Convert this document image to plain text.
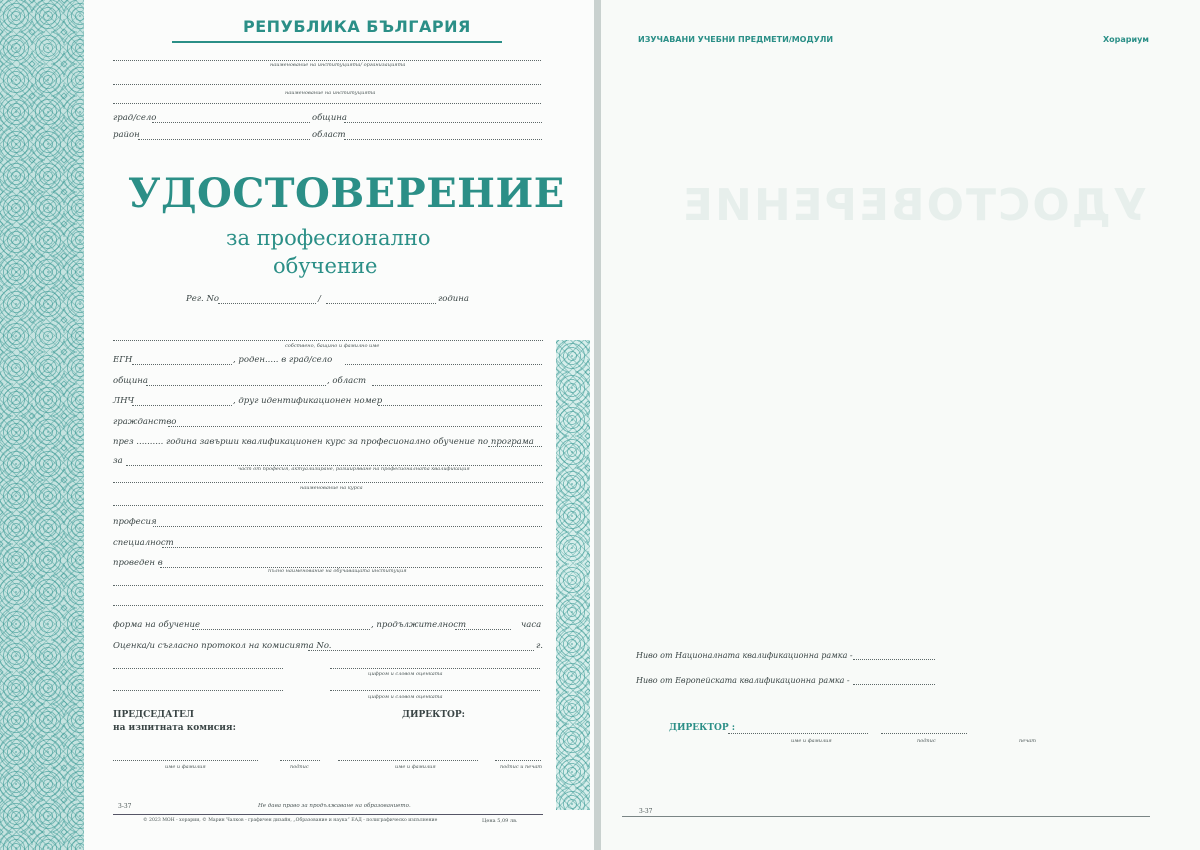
РЕПУБЛИКА БЪЛГАРИЯ
наименование на институцията/ организацията
наименование на институцията
град/село	община
район	област
УДОСТОВЕРЕНИЕ
за професионално
обучение
Рег. No	/	година
собствено, бащино и фамилно име
ЕГН	, роден..... в град/село
община	, област
ЛНЧ	, друг идентификационен номер
гражданство
през .......... година завърши квалификационен курс за професионално обучение по програма
за
част от професия, актуализиране, разширяване на професионалната квалификация
наименование на курса
професия
специалност
проведен в
пълно наименование на обучаващата институция
форма на обучение	, продължителност	часа
Оценка/и съгласно протокол на комисията No.	г.
цифром и словом оценката
цифром и словом оценката
ПРЕДСЕДАТЕЛ
на изпитната комисия:
ДИРЕКТОР:
име и фамилия	подпис	име и фамилия	подпис и печат
3-37	Не дава право за продължаване на образованието.
© 2023 МОН - хорарии, © Марин Чалков - графичен дизайн, „Образование и наука“ ЕАД - полиграфическо изпълнение	Цена 5,09 лв.
УДОСТОВЕРЕНИЕ
ИЗУЧАВАНИ УЧЕБНИ ПРЕДМЕТИ/МОДУЛИ	Хорариум
Ниво от Националната квалификационна рамка -
Ниво от Европейската квалификационна рамка -
ДИРЕКТОР :
име и фамилия	подпис	печат
3-37
